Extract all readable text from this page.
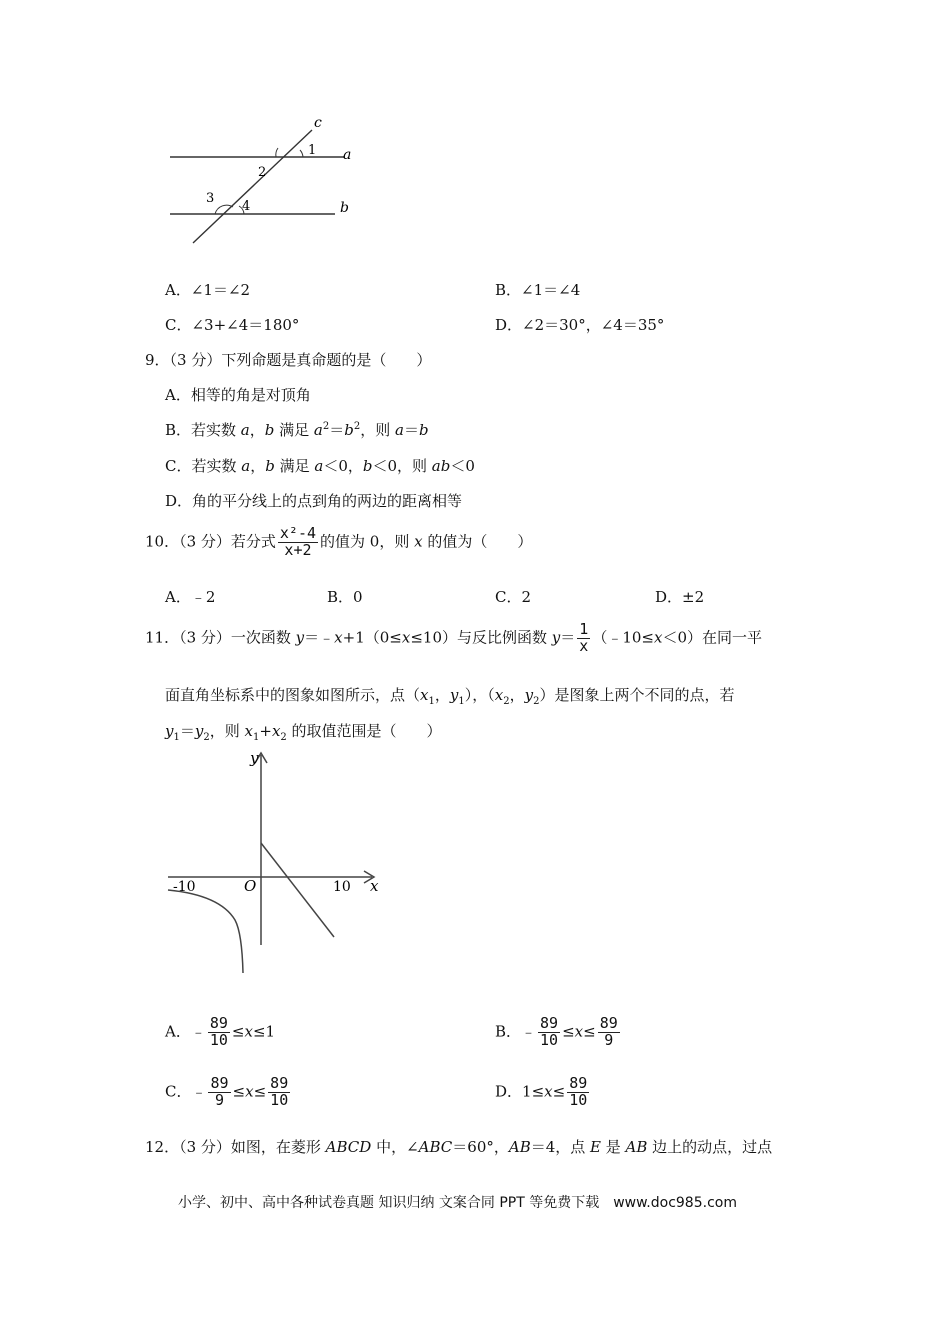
c
a
b
1
2
3
4
A．∠1＝∠2	B．∠1＝∠4
C．∠3+∠4＝180°	D．∠2＝30°，∠4＝35°
9．（3 分）下列命题是真命题的是（　　）
A．相等的角是对顶角
B．若实数 a，b 满足 $a^2=b^2$，则 a＝b
C．若实数 a，b 满足 a＜0，b＜0，则 ab＜0
D．角的平分线上的点到角的两边的距离相等
10．（3 分）若分式 $\frac{\text{x²-4}}{x+2}$ 的值为 0，则 x 的值为（　　）
A．﹣2	B．0	C．2	D．±2
11．（3 分）一次函数 y＝﹣x+1（0≤x≤10）与反比例函数 $y= \frac{1}{x}$ （﹣10≤x＜0）在同一平
面直角坐标系中的图象如图所示，点（$x_1$，$y_1$），（$x_2$，$y_2$）是图象上两个不同的点，若
$y_1=y_2$，则 $x_1+x_2$ 的取值范围是（　　）
y
x
O
-10	10
A．﹣ $\frac{89}{10} \le x\le 1$	B．﹣ $\frac{89}{10} \le x\le \frac{89}{9}$
C．﹣ $\frac{89}{9} \le x\le \frac{89}{10}$	D．$1\le x\le \frac{89}{10}$
12．（3 分）如图，在菱形 ABCD 中，∠ABC＝60°，AB＝4，点 E 是 AB 边上的动点，过点
小学、初中、高中各种试卷真题 知识归纳 文案合同 PPT 等免费下载　www.doc985.com
